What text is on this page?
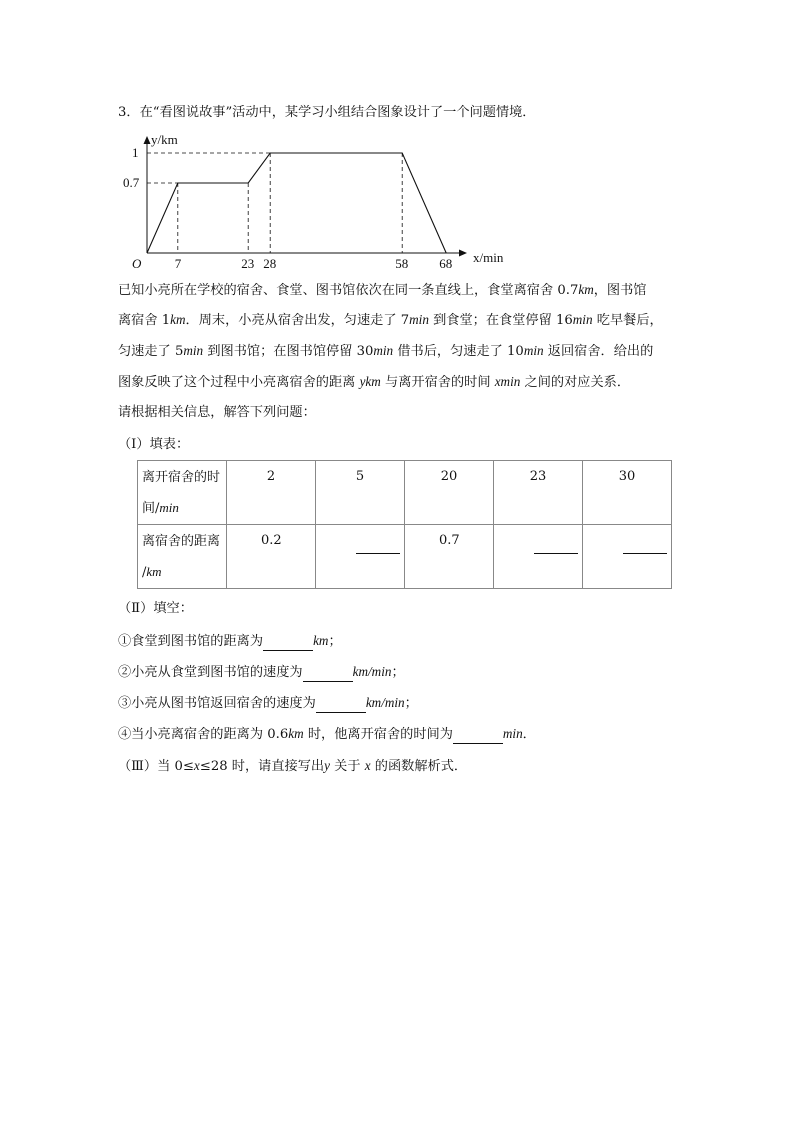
3．在“看图说故事”活动中，某学习小组结合图象设计了一个问题情境．
y/km
x/min
O	7	23 28	58 68
1
0.7
已知小亮所在学校的宿舍、食堂、图书馆依次在同一条直线上，食堂离宿舍 0.7km，图书馆
离宿舍 1km．周末，小亮从宿舍出发，匀速走了 7min 到食堂；在食堂停留 16min 吃早餐后，
匀速走了 5min 到图书馆；在图书馆停留 30min 借书后，匀速走了 10min 返回宿舍．给出的
图象反映了这个过程中小亮离宿舍的距离 ykm 与离开宿舍的时间 xmin 之间的对应关系．
请根据相关信息，解答下列问题：
（Ⅰ）填表：
离开宿舍的时
间/min	2	5	20	23	30
离宿舍的距离
/km	0.2		0.7		
（Ⅱ）填空：
①食堂到图书馆的距离为	km；
②小亮从食堂到图书馆的速度为	km/min；
③小亮从图书馆返回宿舍的速度为	km/min；
④当小亮离宿舍的距离为 0.6km 时，他离开宿舍的时间为	min．
（Ⅲ）当 0≤x≤28 时，请直接写出y 关于 x 的函数解析式．
